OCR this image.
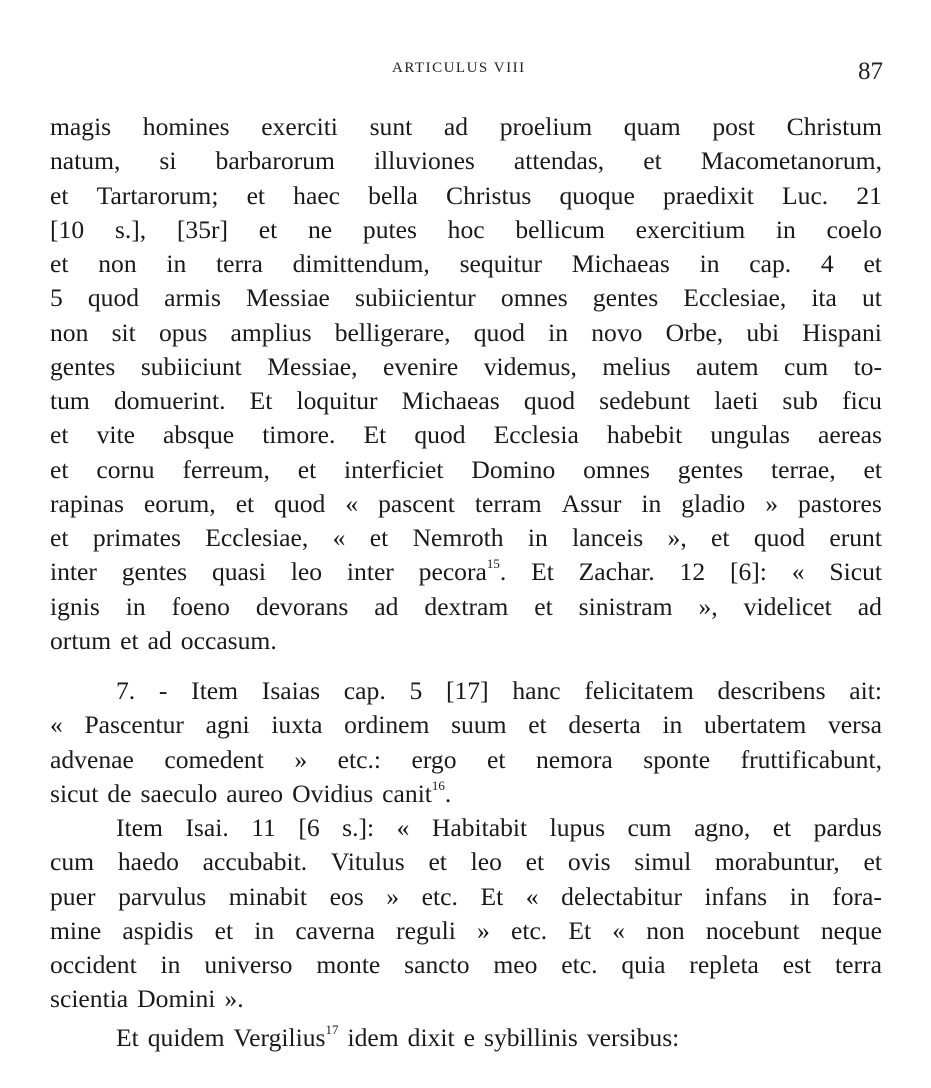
ARTICULUS VIII	87
magis homines exerciti sunt ad proelium quam post Christum
natum, si barbarorum illuviones attendas, et Macometanorum,
et Tartarorum; et haec bella Christus quoque praedixit Luc. 21
[10 s.], [35r] et ne putes hoc bellicum exercitium in coelo
et non in terra dimittendum, sequitur Michaeas in cap. 4 et
5 quod armis Messiae subiicientur omnes gentes Ecclesiae, ita ut
non sit opus amplius belligerare, quod in novo Orbe, ubi Hispani
gentes subiiciunt Messiae, evenire videmus, melius autem cum to-
tum domuerint. Et loquitur Michaeas quod sedebunt laeti sub ficu
et vite absque timore. Et quod Ecclesia habebit ungulas aereas
et cornu ferreum, et interficiet Domino omnes gentes terrae, et
rapinas eorum, et quod « pascent terram Assur in gladio » pastores
et primates Ecclesiae, « et Nemroth in lanceis », et quod erunt
inter gentes quasi leo inter pecora$^{15}$. Et Zachar. 12 [6]: « Sicut
ignis in foeno devorans ad dextram et sinistram », videlicet ad
ortum et ad occasum.
7. - Item Isaias cap. 5 [17] hanc felicitatem describens ait:
« Pascentur agni iuxta ordinem suum et deserta in ubertatem versa
advenae comedent » etc.: ergo et nemora sponte fruttificabunt,
sicut de saeculo aureo Ovidius canit$^{16}$.
Item Isai. 11 [6 s.]: « Habitabit lupus cum agno, et pardus
cum haedo accubabit. Vitulus et leo et ovis simul morabuntur, et
puer parvulus minabit eos » etc. Et « delectabitur infans in fora-
mine aspidis et in caverna reguli » etc. Et « non nocebunt neque
occident in universo monte sancto meo etc. quia repleta est terra
scientia Domini ».
Et quidem Vergilius$^{17}$ idem dixit e sybillinis versibus:
